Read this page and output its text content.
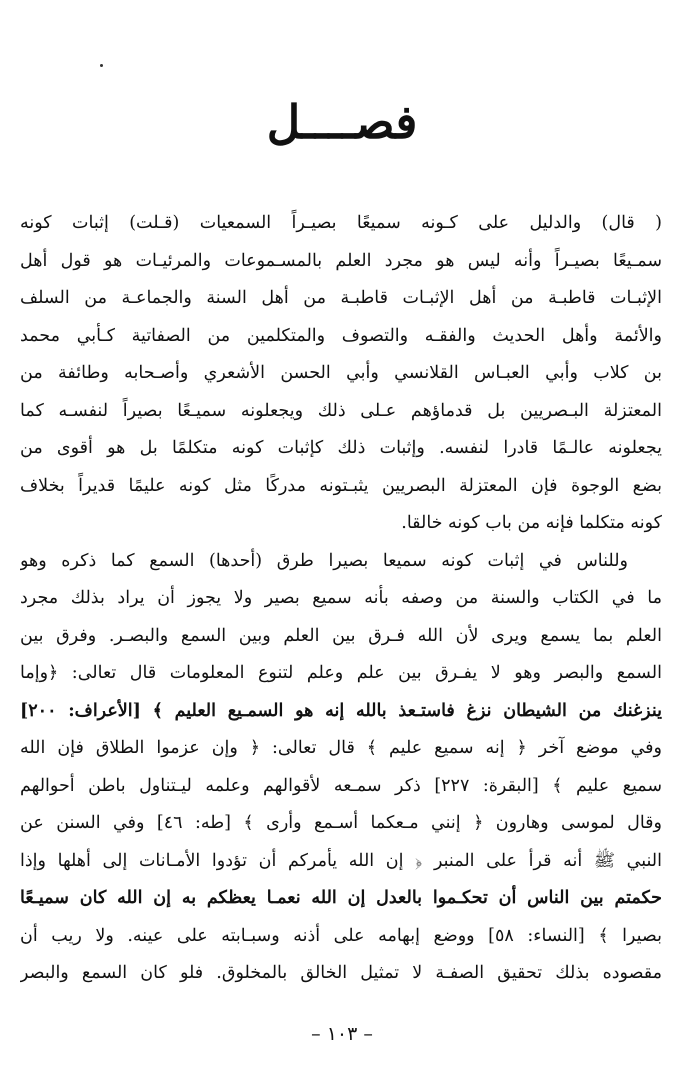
فصــــل
( قال) والدليل على كـونه سميعًا بصيـراً السمعيات (قـلت) إثبات كونه
سمـيعًا بصيـراً وأنه ليس هو مجرد العلم بالمسـموعات والمرئيـات هو قول أهل
الإثبـات قاطبـة من أهل الإثبـات قاطبـة من أهل السنة والجماعـة من السلف
والأئمة وأهل الحديث والفقـه والتصوف والمتكلمين من الصفاتية كـأبي محمد
بن كلاب وأبي العبـاس القلانسي وأبي الحسن الأشعري وأصـحابه وطائفة من
المعتزلة البـصريين بل قدماؤهم عـلى ذلك ويجعلونه سميـعًا بصيراً لنفسـه كما
يجعلونه عالـمًا قادرا لنفسه. وإثبات ذلك كإثبات كونه متكلمًا بل هو أقوى من
بضع الوجوة فإن المعتزلة البصريين يثبـتونه مدركًا مثل كونه عليمًا قديراً بخلاف
كونه متكلما فإنه من باب كونه خالقا.
وللناس في إثبات كونه سميعا بصيرا طرق (أحدها) السمع كما ذكره وهو
ما في الكتاب والسنة من وصفه بأنه سميع بصير ولا يجوز أن يراد بذلك مجرد
العلم بما يسمع ويرى لأن الله فـرق بين العلم وبين السمع والبصـر. وفرق بين
السمع والبصر وهو لا يفـرق بين علم وعلم لتنوع المعلومات قال تعالى: ﴿وإما
ينزغنك من الشيطان نزغ فاستـعذ بالله إنه هو السمـيع العليم ﴾ [الأعراف: ٢٠٠]
وفي موضع آخر ﴿ إنه سميع عليم ﴾ قال تعالى: ﴿ وإن عزموا الطلاق فإن الله
سميع عليم ﴾ [البقرة: ٢٢٧] ذكر سمـعه لأقوالهم وعلمه ليـتناول باطن أحوالهم
وقال لموسى وهارون ﴿ إنني مـعكما أسـمع وأرى ﴾ [طه: ٤٦] وفي السنن عن
النبي ﷺ أنه قرأ على المنبر ﴿ إن الله يأمركم أن تؤدوا الأمـانات إلى أهلها وإذا
حكمتم بين الناس أن تحكـموا بالعدل إن الله نعمـا يعظكم به إن الله كان سميـعًا
بصيرا ﴾ [النساء: ٥٨] ووضع إبهامه على أذنه وسبـابته على عينه. ولا ريب أن
مقصوده بذلك تحقيق الصفـة لا تمثيل الخالق بالمخلوق. فلو كان السمع والبصر
– ١٠٣ –
